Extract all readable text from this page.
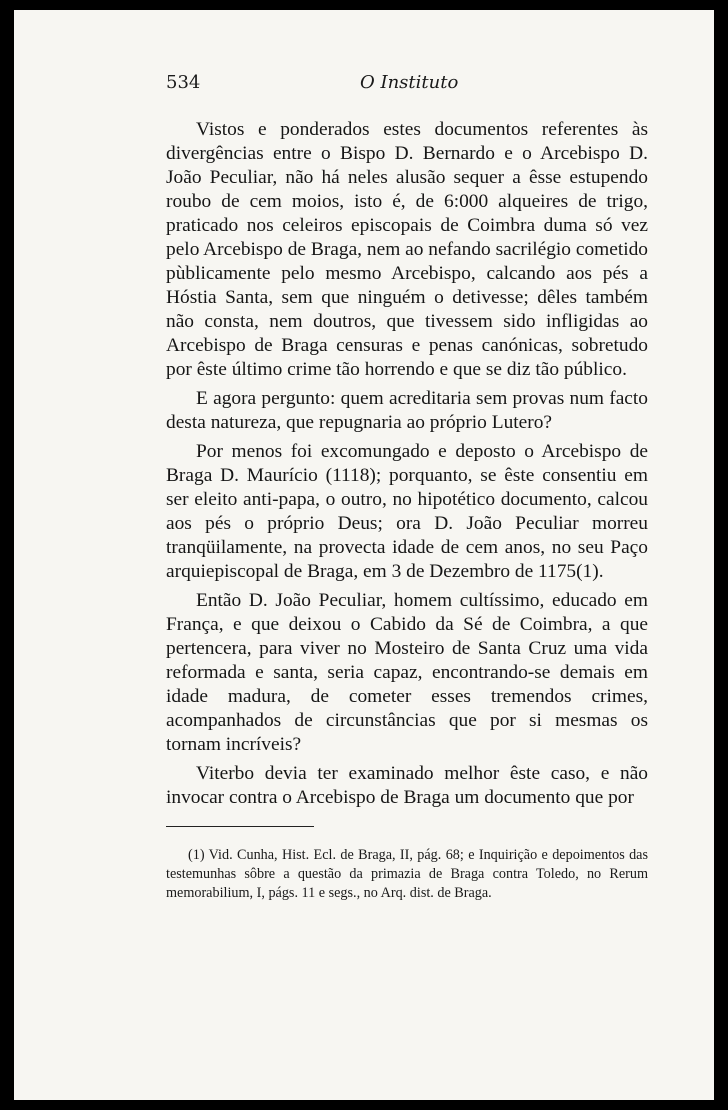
534	O Instituto

Vistos e ponderados estes documentos referentes às divergências entre o Bispo D. Bernardo e o Arcebispo D. João Peculiar, não há neles alusão sequer a êsse estupendo roubo de cem moios, isto é, de 6:000 alqueires de trigo, praticado nos celeiros episcopais de Coimbra duma só vez pelo Arcebispo de Braga, nem ao nefando sacrilégio cometido pùblicamente pelo mesmo Arcebispo, calcando aos pés a Hóstia Santa, sem que ninguém o detivesse; dêles também não consta, nem doutros, que tivessem sido infligidas ao Arcebispo de Braga censuras e penas canónicas, sobretudo por êste último crime tão horrendo e que se diz tão público.

E agora pergunto: quem acreditaria sem provas num facto desta natureza, que repugnaria ao próprio Lutero?

Por menos foi excomungado e deposto o Arcebispo de Braga D. Maurício (1118); porquanto, se êste consentiu em ser eleito anti-papa, o outro, no hipotético documento, calcou aos pés o próprio Deus; ora D. João Peculiar morreu tranqüilamente, na provecta idade de cem anos, no seu Paço arquiepiscopal de Braga, em 3 de Dezembro de 1175(1).

Então D. João Peculiar, homem cultíssimo, educado em França, e que deixou o Cabido da Sé de Coimbra, a que pertencera, para viver no Mosteiro de Santa Cruz uma vida reformada e santa, seria capaz, encontrando-se demais em idade madura, de cometer esses tremendos crimes, acompanhados de circunstâncias que por si mesmas os tornam incríveis?

Viterbo devia ter examinado melhor êste caso, e não invocar contra o Arcebispo de Braga um documento que por

(1) Vid. Cunha, Hist. Ecl. de Braga, II, pág. 68; e Inquirição e depoimentos das testemunhas sôbre a questão da primazia de Braga contra Toledo, no Rerum memorabilium, I, págs. 11 e segs., no Arq. dist. de Braga.
